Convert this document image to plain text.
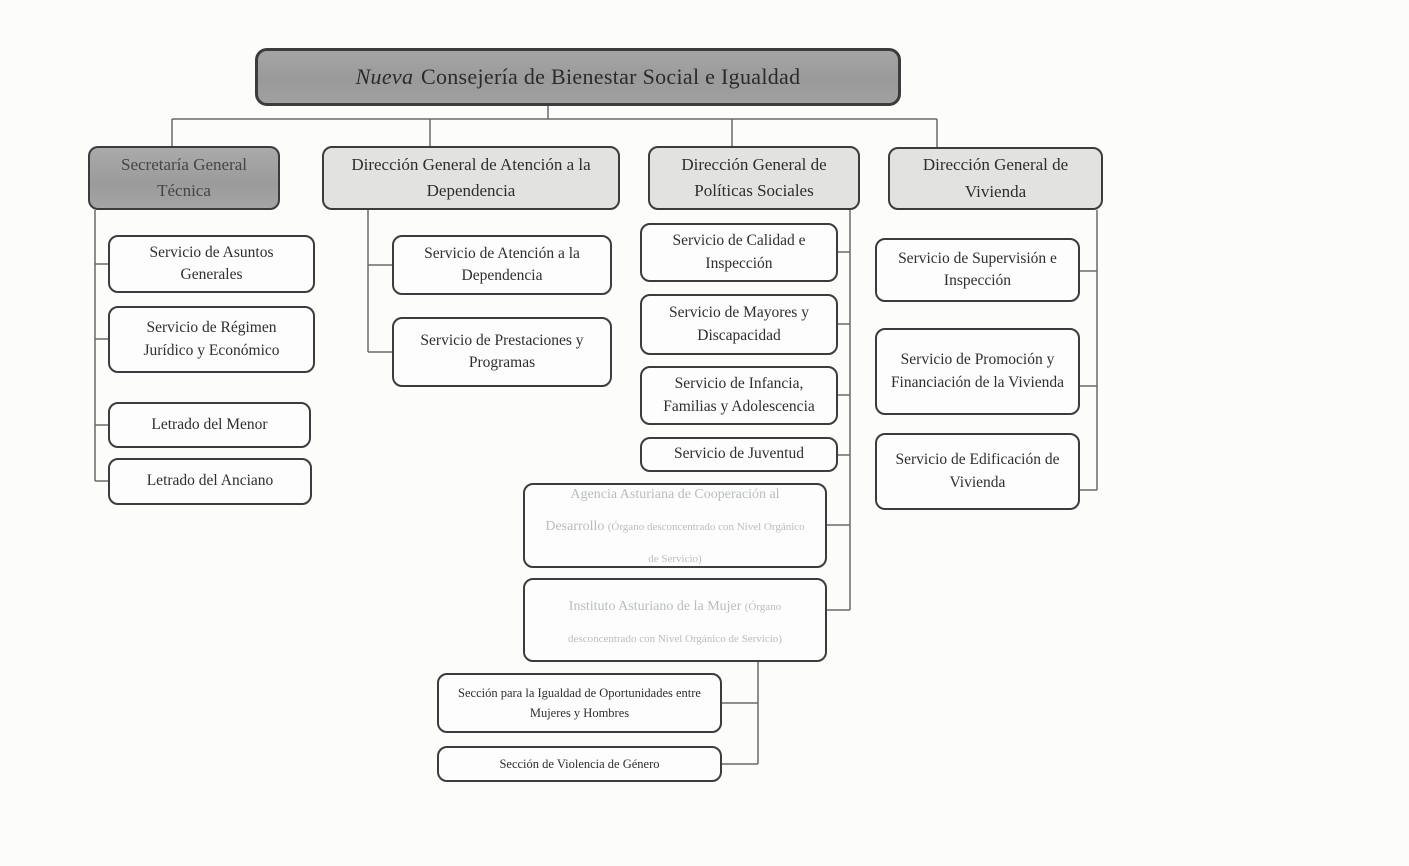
Nueva Consejería de Bienestar Social e Igualdad
Secretaría General Técnica
Dirección General de Atención a la Dependencia
Dirección General de Políticas Sociales
Dirección General de Vivienda
Servicio de Asuntos Generales
Servicio de Régimen Jurídico y Económico
Letrado del Menor
Letrado del Anciano
Servicio de Atención a la Dependencia
Servicio de Prestaciones y Programas
Servicio de Calidad e Inspección
Servicio de Mayores y Discapacidad
Servicio de Infancia, Familias y Adolescencia
Servicio de Juventud
Agencia Asturiana de Cooperación al Desarrollo (Órgano desconcentrado con Nivel Orgánico de Servicio)
Instituto Asturiano de la Mujer (Órgano desconcentrado con Nivel Orgánico de Servicio)
Sección para la Igualdad de Oportunidades entre Mujeres y Hombres
Sección de Violencia de Género
Servicio de Supervisión e Inspección
Servicio de Promoción y Financiación de la Vivienda
Servicio de Edificación de Vivienda
